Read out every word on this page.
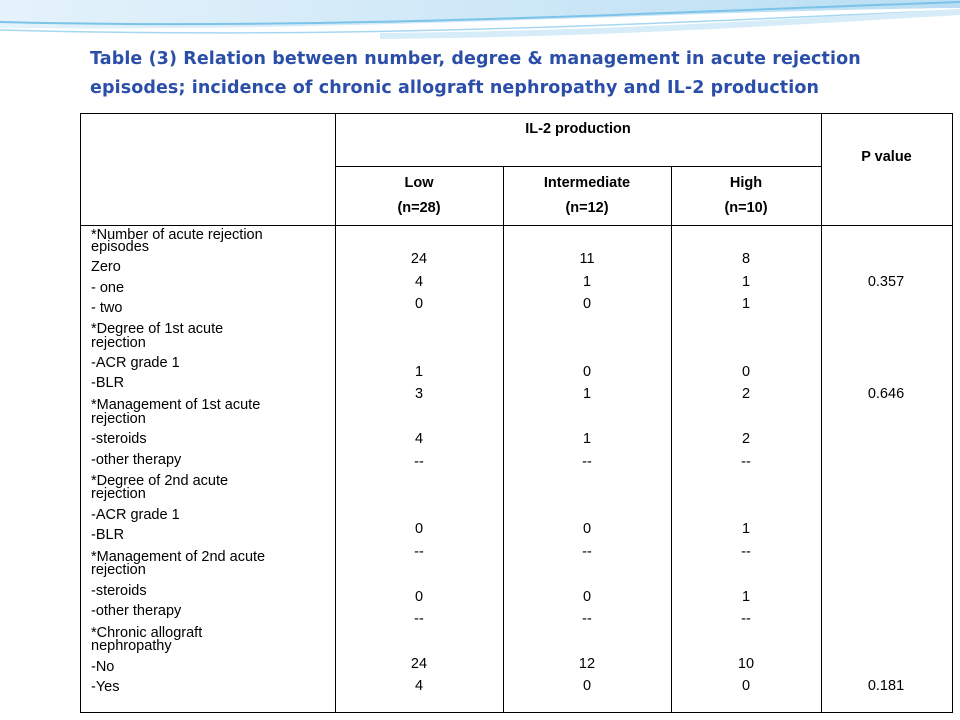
Table (3) Relation between number, degree & management in acute rejection
episodes; incidence of chronic allograft nephropathy and IL-2 production
IL-2 production
P value
Low
(n=28)
Intermediate
(n=12)
High
(n=10)
*Number of acute rejection
episodes
Zero
- one
- two
*Degree of 1st acute
rejection
-ACR grade 1
-BLR
*Management of 1st acute
rejection
-steroids
-other therapy
*Degree of 2nd acute
rejection
-ACR grade 1
-BLR
*Management of 2nd acute
rejection
-steroids
-other therapy
*Chronic allograft
nephropathy
-No
-Yes
24
4
0
1
3
4
--
0
--
0
--
24
4
11
1
0
0
1
1
--
0
--
0
--
12
0
8
1
1
0
2
2
--
1
--
1
--
10
0
0.357
0.646
0.181
